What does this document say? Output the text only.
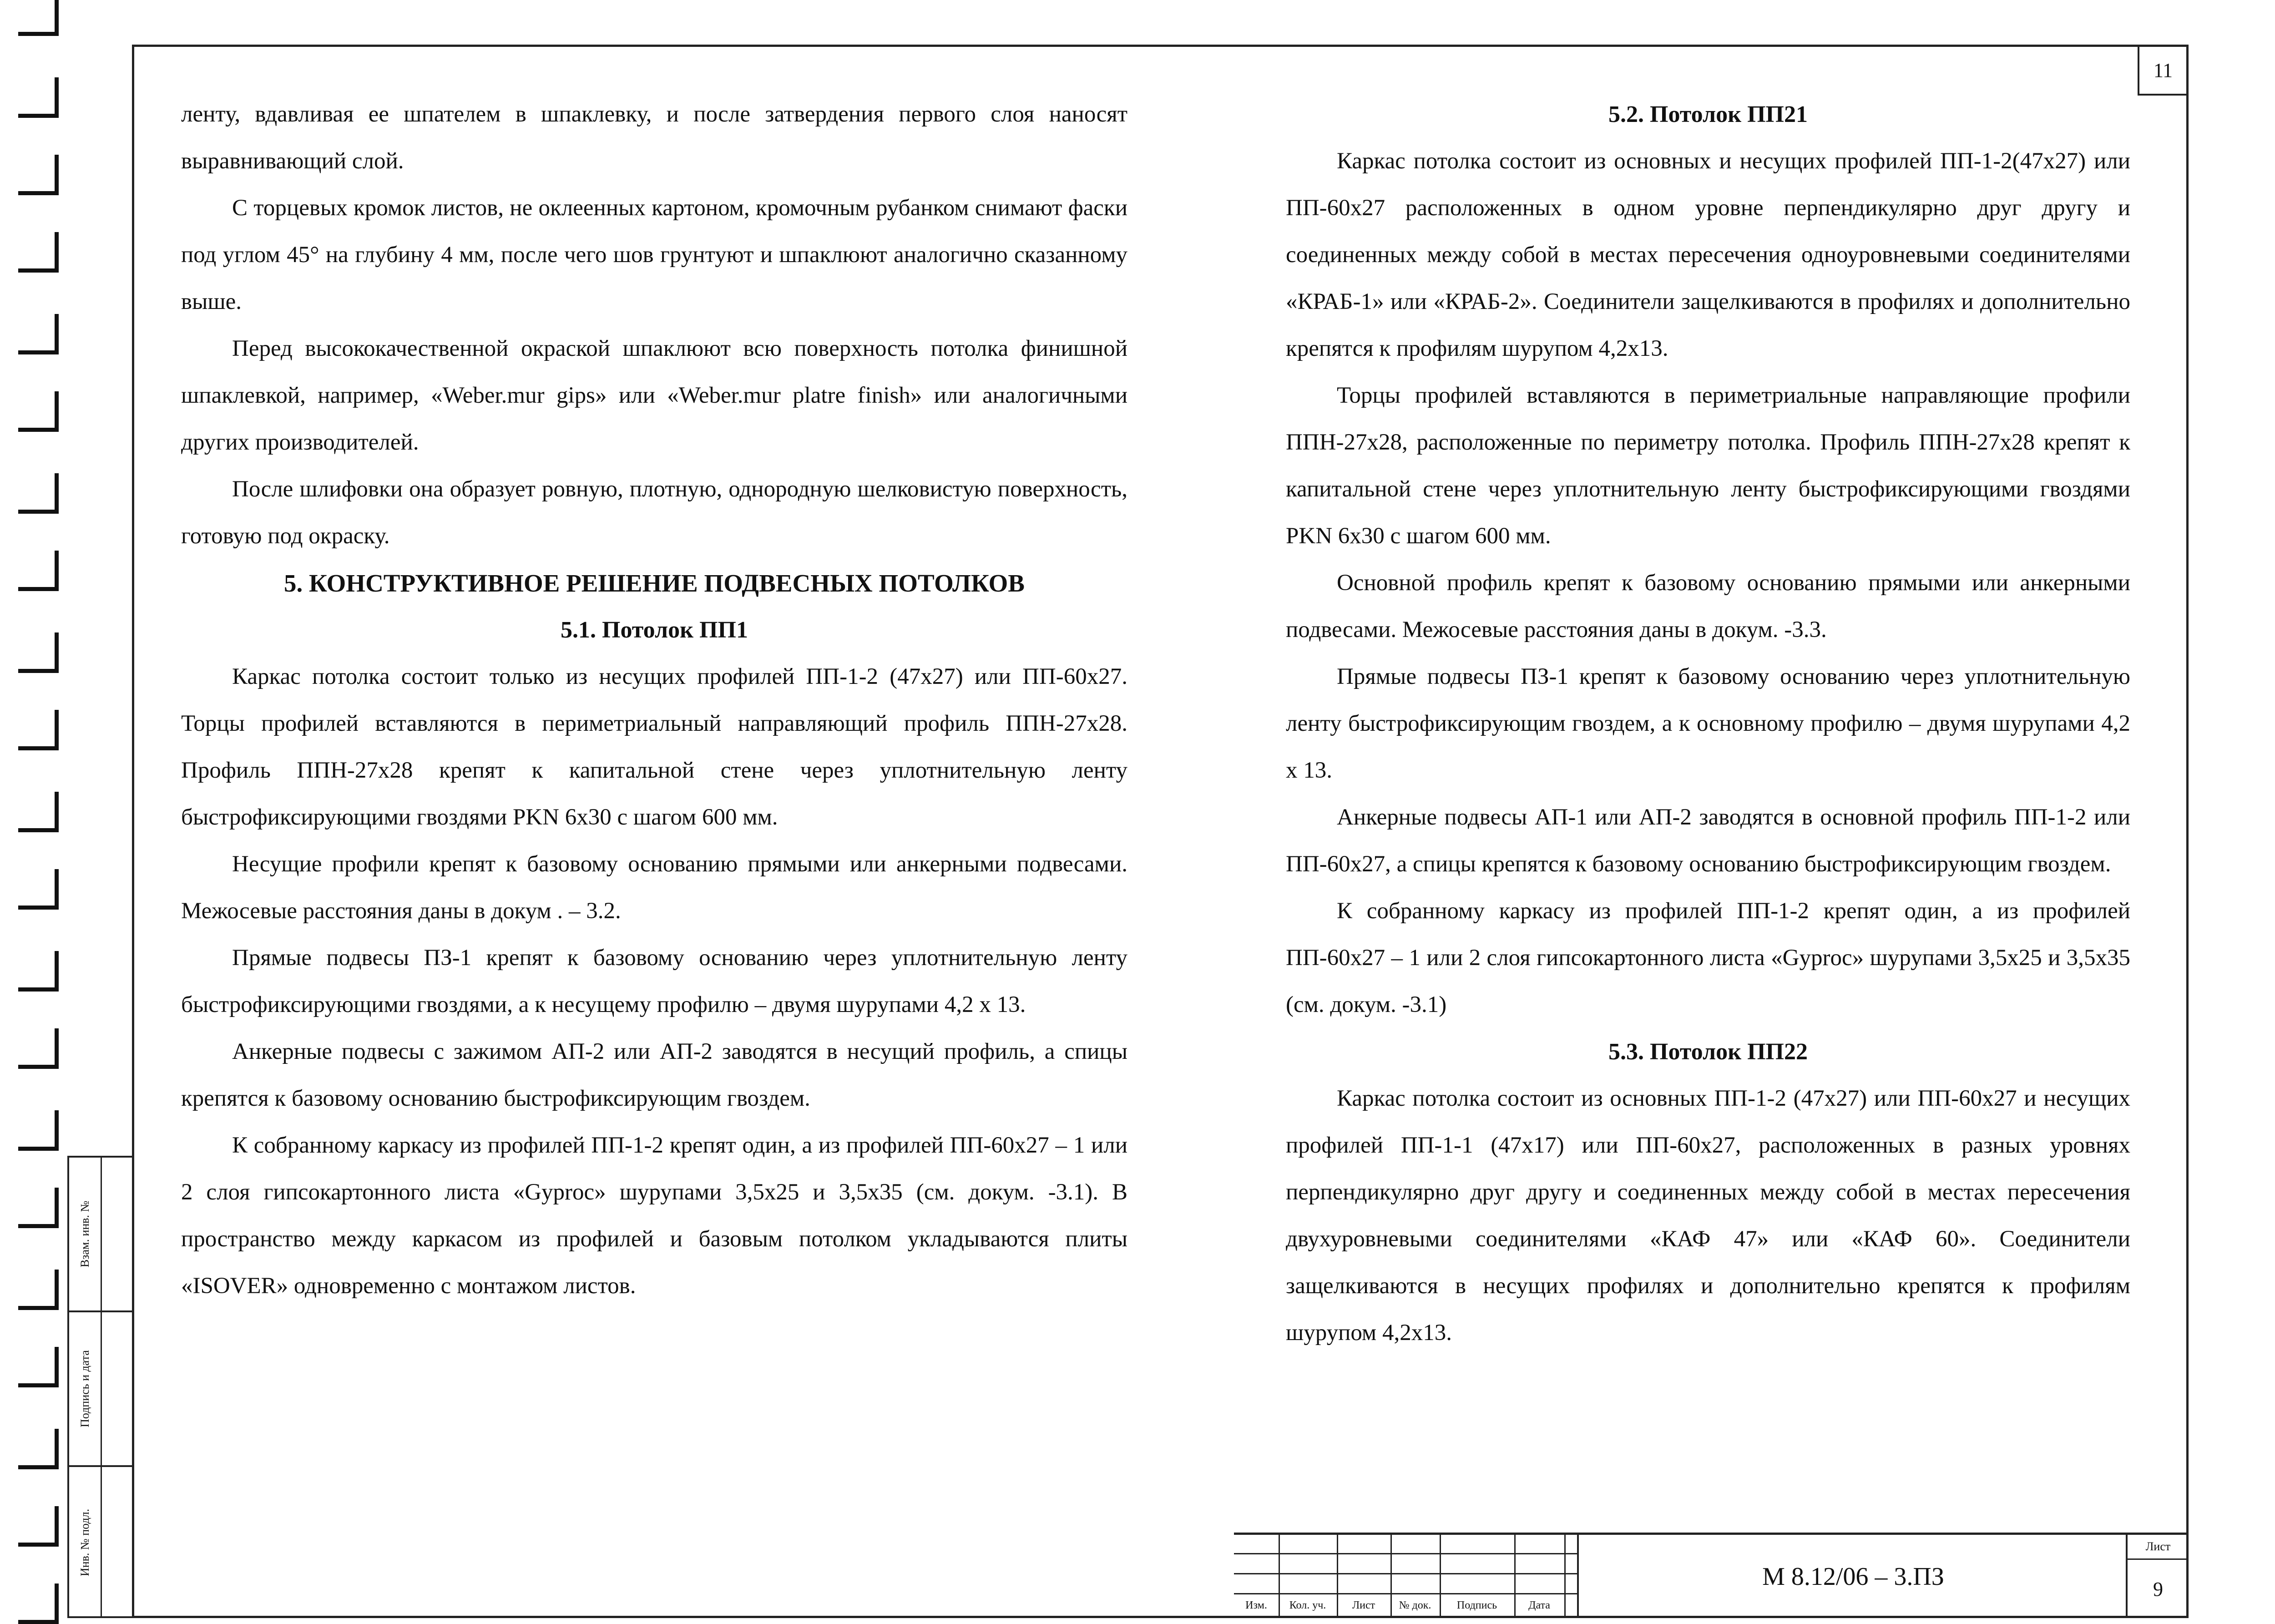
11
Взам. инв. №
Подпись и дата
Инв. № подл.

ленту, вдавливая ее шпателем в шпаклевку, и после затвердения первого слоя наносят выравнивающий слой.

С торцевых кромок листов, не оклеенных картоном, кромочным рубанком снимают фаски под углом 45° на глубину 4 мм, после чего шов грунтуют и шпаклюют аналогично сказанному выше.

Перед высококачественной окраской шпаклюют всю поверхность потолка финишной шпаклевкой, например, «Weber.mur gips» или «Weber.mur platre finish» или аналогичными других производителей.

После шлифовки она образует ровную, плотную, однородную шелковистую поверхность, готовую под окраску.

5. КОНСТРУКТИВНОЕ РЕШЕНИЕ ПОДВЕСНЫХ ПОТОЛКОВ
5.1. Потолок ПП1

Каркас потолка состоит только из несущих профилей ПП-1-2 (47х27) или ПП-60х27. Торцы профилей вставляются в периметриальный направляющий профиль ППН-27х28. Профиль ППН-27х28 крепят к капитальной стене через уплотнительную ленту быстрофиксирующими гвоздями PKN 6х30 с шагом 600 мм.

Несущие профили крепят к базовому основанию прямыми или анкерными подвесами. Межосевые расстояния даны в докум . – 3.2.

Прямые подвесы ПЗ-1 крепят к базовому основанию через уплотнительную ленту быстрофиксирующими гвоздями, а к несущему профилю – двумя шурупами 4,2 х 13.

Анкерные подвесы с зажимом АП-2 или АП-2 заводятся в несущий профиль, а спицы крепятся к базовому основанию быстрофиксирующим гвоздем.

К собранному каркасу из профилей ПП-1-2 крепят один, а из профилей ПП-60х27 – 1 или 2 слоя гипсокартонного листа «Gyproc» шурупами 3,5х25 и 3,5х35 (см. докум. -3.1). В пространство между каркасом из профилей и базовым потолком укладываются плиты «ISOVER» одновременно с монтажом листов.

5.2. Потолок ПП21

Каркас потолка состоит из основных и несущих профилей ПП-1-2(47х27) или ПП-60х27 расположенных в одном уровне перпендикулярно друг другу и соединенных между собой в местах пересечения одноуровневыми соединителями «КРАБ-1» или «КРАБ-2». Соединители защелкиваются в профилях и дополнительно крепятся к профилям шурупом 4,2х13.

Торцы профилей вставляются в периметриальные направляющие профили ППН-27х28, расположенные по периметру потолка. Профиль ППН-27х28 крепят к капитальной стене через уплотнительную ленту быстрофиксирующими гвоздями PKN 6х30 с шагом 600 мм.

Основной профиль крепят к базовому основанию прямыми или анкерными подвесами. Межосевые расстояния даны в докум. -3.3.

Прямые подвесы ПЗ-1 крепят к базовому основанию через уплотнительную ленту быстрофиксирующим гвоздем, а к основному профилю – двумя шурупами 4,2 х 13.

Анкерные подвесы АП-1 или АП-2 заводятся в основной профиль ПП-1-2 или ПП-60х27, а спицы крепятся к базовому основанию быстрофиксирующим гвоздем.

К собранному каркасу из профилей ПП-1-2 крепят один, а из профилей ПП-60х27 – 1 или 2 слоя гипсокартонного листа «Gyproc» шурупами 3,5х25 и 3,5х35 (см. докум. -3.1)

5.3. Потолок ПП22

Каркас потолка состоит из основных ПП-1-2 (47х27) или ПП-60х27 и несущих профилей ПП-1-1 (47х17) или ПП-60х27, расположенных в разных уровнях перпендикулярно друг другу и соединенных между собой в местах пересечения двухуровневыми соединителями «КАФ 47» или «КАФ 60». Соединители защелкиваются в несущих профилях и дополнительно крепятся к профилям шурупом 4,2х13.

Изм.	Кол. уч.	Лист	№ док.	Подпись	Дата
М 8.12/06 – 3.ПЗ
Лист
9
